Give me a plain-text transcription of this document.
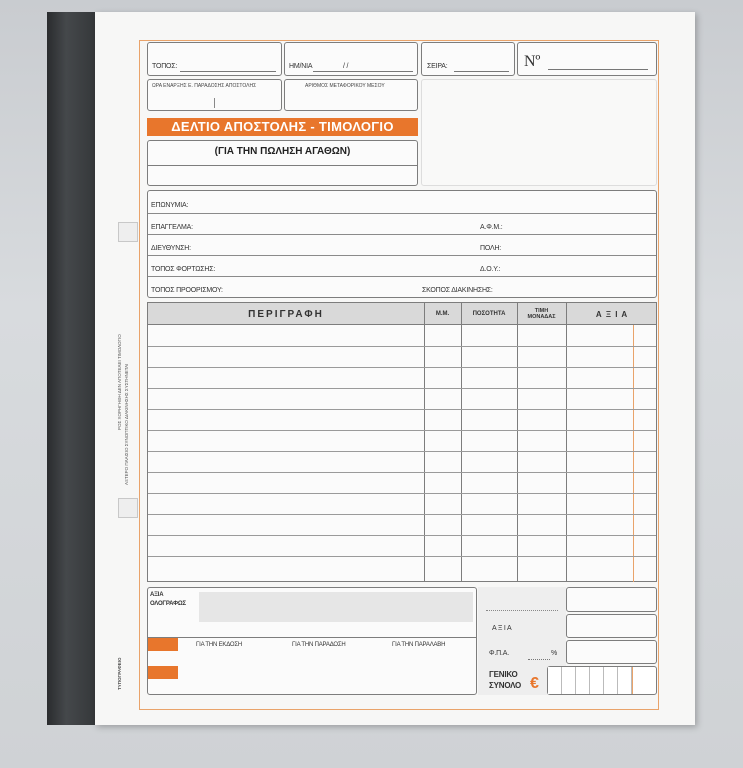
ΡΟΣ ΧΟΡΗΓΗΘΗ ΔΕΝ ΑΠΟΤΕΛΕΙ ΤΙΜΟΛΟΓΙΟ ΑΞΤΕΡΟ ΠΛΑΙΣΙΟ ΣΥΝΟΠΤΙΚΟ ΔΙΑΚΙΝΗΣΗΣ ΣΥΣΤΗΝΕΤΑΙ
ΤΥΠΟΓΡΑΦΕΙΟ
ΤΟΠΟΣ:	ΗΜ/ΝΙΑ	/ /	ΣΕΙΡΑ:	Nº
ΩΡΑ ΕΝΑΡΞΗΣ Ε. ΠΑΡΑΔΟΣΗΣ ΑΠΟΣΤΟΛΗΣ	ΑΡΙΘΜΟΣ ΜΕΤΑΦΟΡΙΚΟΥ ΜΕΣΟΥ
ΔΕΛΤΙΟ ΑΠΟΣΤΟΛΗΣ - ΤΙΜΟΛΟΓΙΟ
(ΓΙΑ ΤΗΝ ΠΩΛΗΣΗ ΑΓΑΘΩΝ)
ΕΠΩΝΥΜΙΑ:
ΕΠΑΓΓΕΛΜΑ:	Α.Φ.Μ.:
ΔΙΕΥΘΥΝΣΗ:	ΠΟΛΗ:
ΤΟΠΟΣ ΦΟΡΤΩΣΗΣ:	Δ.Ο.Υ.:
ΤΟΠΟΣ ΠΡΟΟΡΙΣΜΟΥ:	ΣΚΟΠΟΣ ΔΙΑΚΙΝΗΣΗΣ:
ΠΕΡΙΓΡΑΦΗ	Μ.Μ.	ΠΟΣΟΤΗΤΑ	ΤΙΜΗ ΜΟΝΑΔΑΣ	Α Ξ Ι Α
ΑΞΙΑ
ΟΛΟΓΡΑΦΩΣ
ΓΙΑ ΤΗΝ ΕΚΔΟΣΗ	ΓΙΑ ΤΗΝ ΠΑΡΑΔΟΣΗ	ΓΙΑ ΤΗΝ ΠΑΡΑΛΑΒΗ
Α Ξ Ι Α
Φ.Π.Α.	%
ΓΕΝΙΚΟ
ΣΥΝΟΛΟ €
